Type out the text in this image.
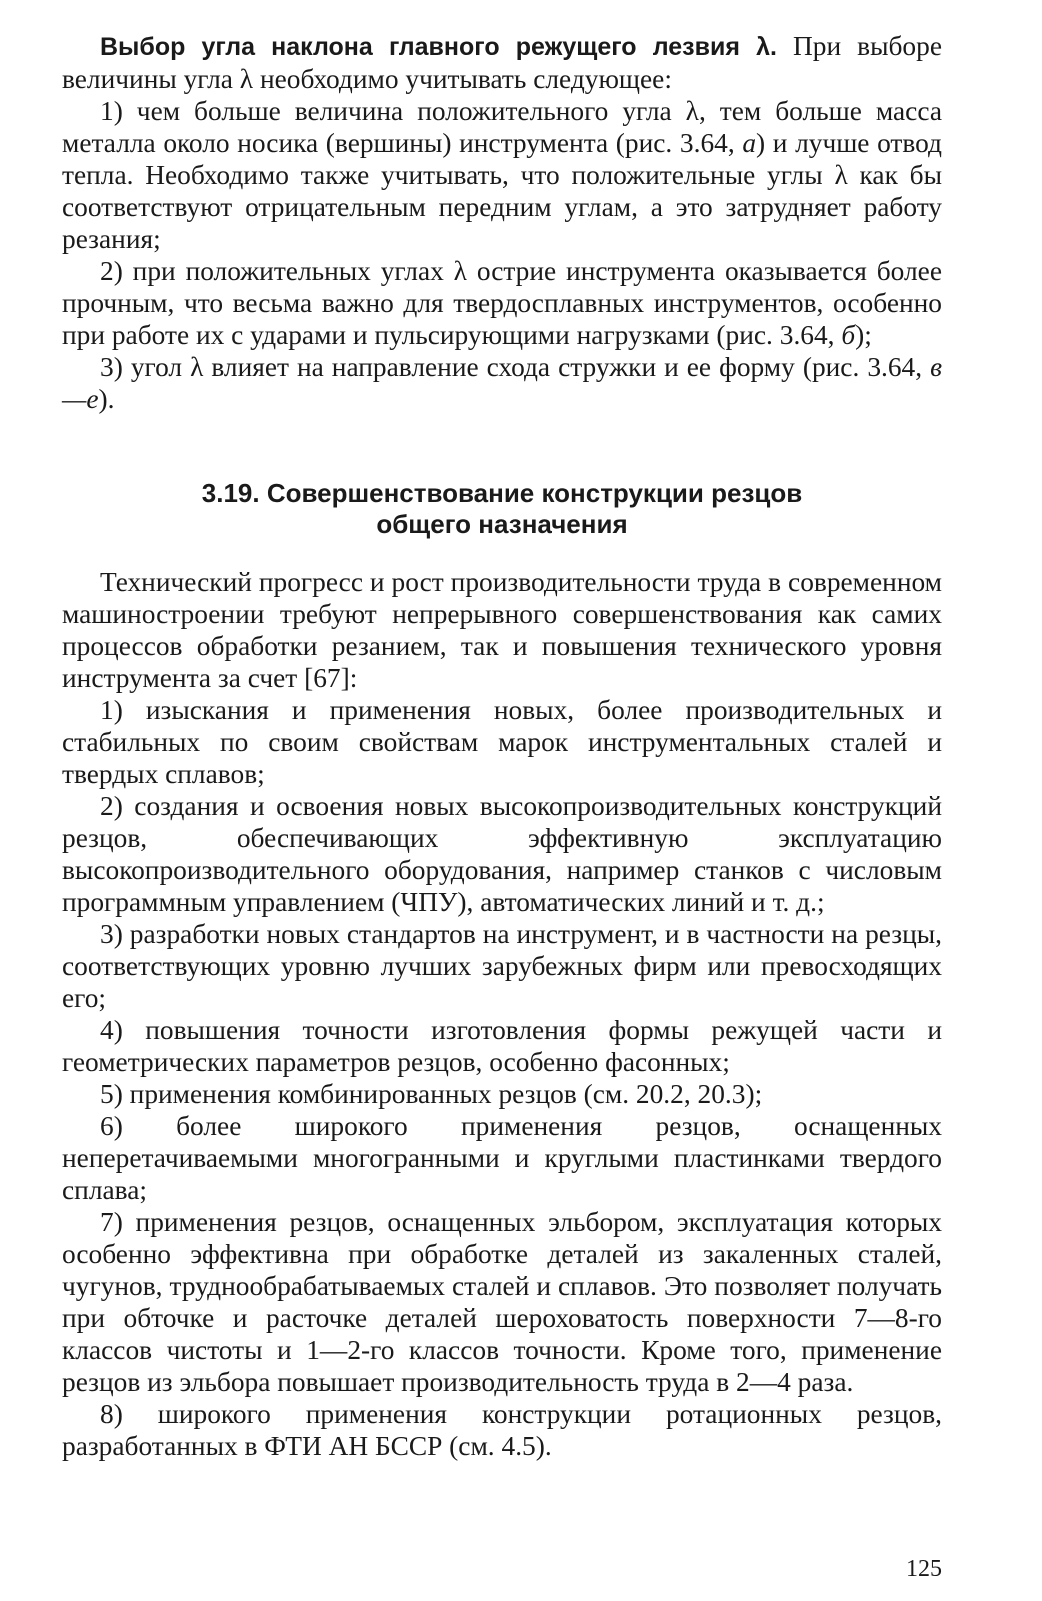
Выбор угла наклона главного режущего лезвия λ. При выборе величины угла λ необходимо учитывать следующее:

1) чем больше величина положительного угла λ, тем больше масса металла около носика (вершины) инструмента (рис. 3.64, а) и лучше отвод тепла. Необходимо также учитывать, что положительные углы λ как бы соответствуют отрицательным передним углам, а это затрудняет работу резания;

2) при положительных углах λ острие инструмента оказывается более прочным, что весьма важно для твердосплавных инструментов, особенно при работе их с ударами и пульсирующими нагрузками (рис. 3.64, б);

3) угол λ влияет на направление схода стружки и ее форму (рис. 3.64, в—е).

3.19. Совершенствование конструкции резцов
общего назначения

Технический прогресс и рост производительности труда в современном машиностроении требуют непрерывного совершенствования как самих процессов обработки резанием, так и повышения технического уровня инструмента за счет [67]:

1) изыскания и применения новых, более производительных и стабильных по своим свойствам марок инструментальных сталей и твердых сплавов;

2) создания и освоения новых высокопроизводительных конструкций резцов, обеспечивающих эффективную эксплуатацию высокопроизводительного оборудования, например станков с числовым программным управлением (ЧПУ), автоматических линий и т. д.;

3) разработки новых стандартов на инструмент, и в частности на резцы, соответствующих уровню лучших зарубежных фирм или превосходящих его;

4) повышения точности изготовления формы режущей части и геометрических параметров резцов, особенно фасонных;

5) применения комбинированных резцов (см. 20.2, 20.3);

6) более широкого применения резцов, оснащенных неперетачиваемыми многогранными и круглыми пластинками твердого сплава;

7) применения резцов, оснащенных эльбором, эксплуатация которых особенно эффективна при обработке деталей из закаленных сталей, чугунов, труднообрабатываемых сталей и сплавов. Это позволяет получать при обточке и расточке деталей шероховатость поверхности 7—8-го классов чистоты и 1—2-го классов точности. Кроме того, применение резцов из эльбора повышает производительность труда в 2—4 раза.

8) широкого применения конструкции ротационных резцов, разработанных в ФТИ АН БССР (см. 4.5).

125
